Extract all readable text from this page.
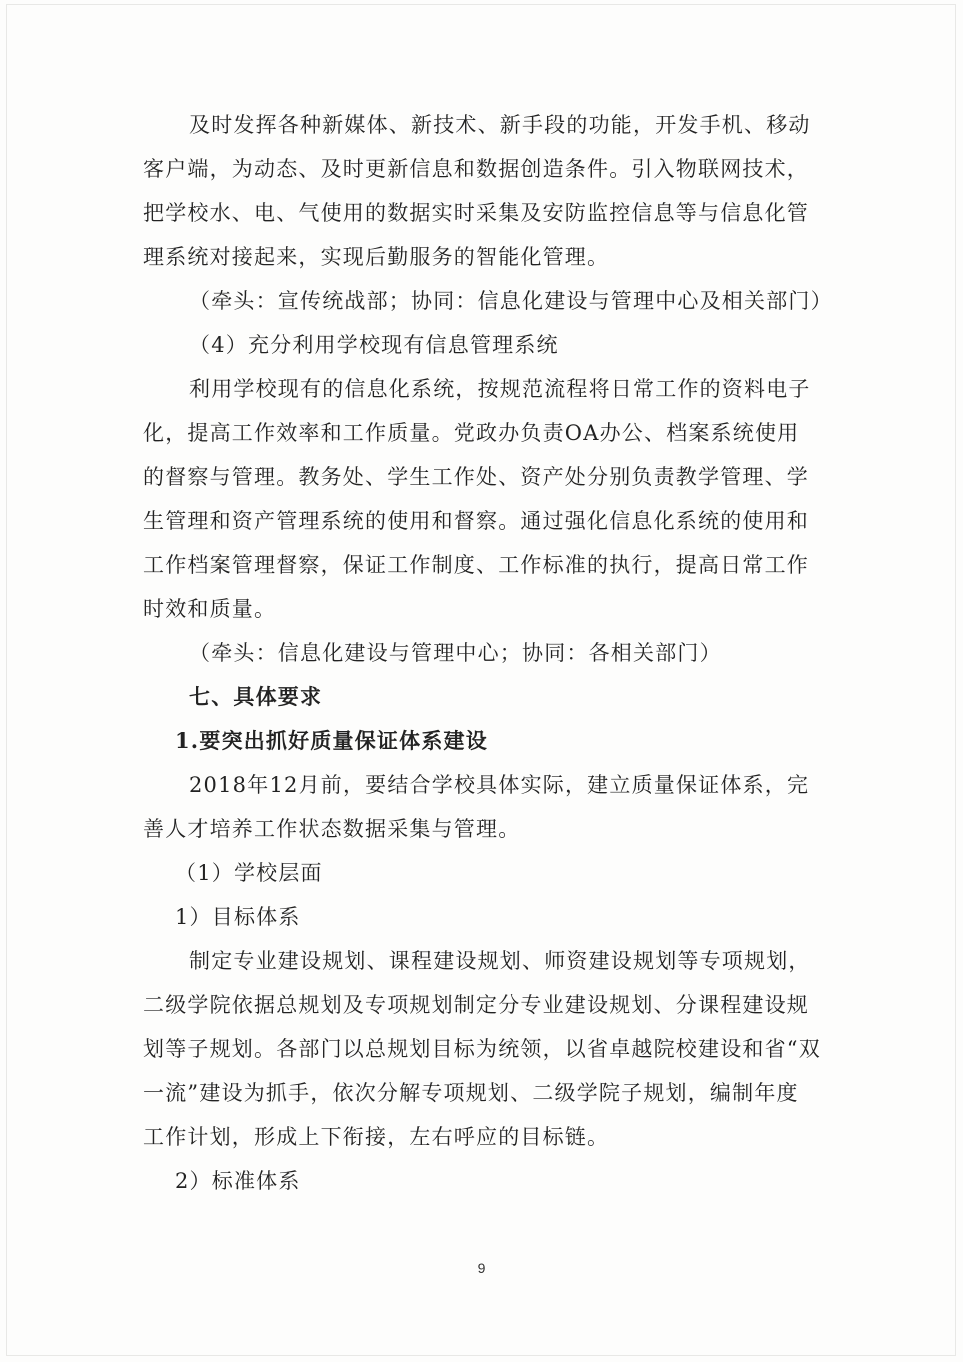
及时发挥各种新媒体、新技术、新手段的功能，开发手机、移动
客户端，为动态、及时更新信息和数据创造条件。引入物联网技术，
把学校水、电、气使用的数据实时采集及安防监控信息等与信息化管
理系统对接起来，实现后勤服务的智能化管理。
（牵头：宣传统战部；协同：信息化建设与管理中心及相关部门）
（4）充分利用学校现有信息管理系统
利用学校现有的信息化系统，按规范流程将日常工作的资料电子
化，提高工作效率和工作质量。党政办负责OA办公、档案系统使用
的督察与管理。教务处、学生工作处、资产处分别负责教学管理、学
生管理和资产管理系统的使用和督察。通过强化信息化系统的使用和
工作档案管理督察，保证工作制度、工作标准的执行，提高日常工作
时效和质量。
（牵头：信息化建设与管理中心；协同：各相关部门）
七、具体要求
1.要突出抓好质量保证体系建设
2018年12月前，要结合学校具体实际，建立质量保证体系，完
善人才培养工作状态数据采集与管理。
（1）学校层面
1）目标体系
制定专业建设规划、课程建设规划、师资建设规划等专项规划，
二级学院依据总规划及专项规划制定分专业建设规划、分课程建设规
划等子规划。各部门以总规划目标为统领，以省卓越院校建设和省“双
一流”建设为抓手，依次分解专项规划、二级学院子规划，编制年度
工作计划，形成上下衔接，左右呼应的目标链。
2）标准体系
9
